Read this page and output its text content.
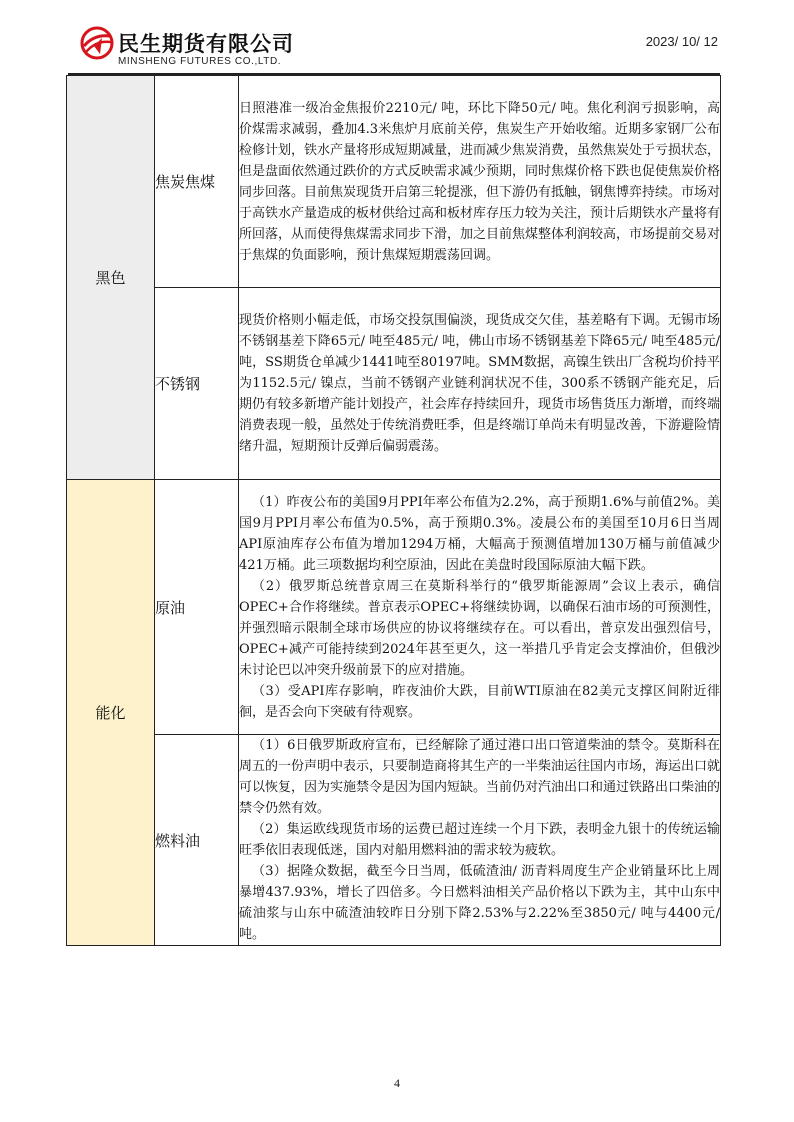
民生期货有限公司
MINSHENG FUTURES CO.,LTD.
2023/ 10/ 12
黑色	焦炭焦煤	日照港准一级冶金焦报价2210元/ 吨，环比下降50元/ 吨。焦化利润亏损影响，高价煤需求减弱，叠加4.3米焦炉月底前关停，焦炭生产开始收缩。近期多家钢厂公布检修计划，铁水产量将形成短期减量，进而减少焦炭消费，虽然焦炭处于亏损状态，但是盘面依然通过跌价的方式反映需求减少预期，同时焦煤价格下跌也促使焦炭价格同步回落。目前焦炭现货开启第三轮提涨，但下游仍有抵触，钢焦博弈持续。市场对于高铁水产量造成的板材供给过高和板材库存压力较为关注，预计后期铁水产量将有所回落，从而使得焦煤需求同步下滑，加之目前焦煤整体利润较高，市场提前交易对于焦煤的负面影响，预计焦煤短期震荡回调。

	不锈钢	现货价格则小幅走低，市场交投氛围偏淡，现货成交欠佳，基差略有下调。无锡市场不锈钢基差下降65元/ 吨至485元/ 吨，佛山市场不锈钢基差下降65元/ 吨至485元/ 吨，SS期货仓单减少1441吨至80197吨。SMM数据，高镍生铁出厂含税均价持平为1152.5元/ 镍点，当前不锈钢产业链利润状况不佳，300系不锈钢产能充足，后期仍有较多新增产能计划投产，社会库存持续回升，现货市场售货压力渐增，而终端消费表现一般，虽然处于传统消费旺季，但是终端订单尚未有明显改善，下游避险情绪升温，短期预计反弹后偏弱震荡。

能化	原油	（1）昨夜公布的美国9月PPI年率公布值为2.2%，高于预期1.6%与前值2%。美国9月PPI月率公布值为0.5%，高于预期0.3%。凌晨公布的美国至10月6日当周API原油库存公布值为增加1294万桶，大幅高于预测值增加130万桶与前值减少421万桶。此三项数据均利空原油，因此在美盘时段国际原油大幅下跌。

（2）俄罗斯总统普京周三在莫斯科举行的“俄罗斯能源周”会议上表示，确信OPEC+合作将继续。普京表示OPEC+将继续协调，以确保石油市场的可预测性，并强烈暗示限制全球市场供应的协议将继续存在。可以看出，普京发出强烈信号，OPEC+减产可能持续到2024年甚至更久，这一举措几乎肯定会支撑油价，但俄沙未讨论巴以冲突升级前景下的应对措施。

（3）受API库存影响，昨夜油价大跌，目前WTI原油在82美元支撑区间附近徘徊，是否会向下突破有待观察。

	燃料油	（1）6日俄罗斯政府宣布，已经解除了通过港口出口管道柴油的禁令。莫斯科在周五的一份声明中表示，只要制造商将其生产的一半柴油运往国内市场，海运出口就可以恢复，因为实施禁令是因为国内短缺。当前仍对汽油出口和通过铁路出口柴油的禁令仍然有效。

（2）集运欧线现货市场的运费已超过连续一个月下跌，表明金九银十的传统运输旺季依旧表现低迷，国内对船用燃料油的需求较为疲软。

（3）据隆众数据，截至今日当周，低硫渣油/ 沥青料周度生产企业销量环比上周暴增437.93%，增长了四倍多。今日燃料油相关产品价格以下跌为主，其中山东中硫油浆与山东中硫渣油较昨日分别下降2.53%与2.22%至3850元/ 吨与4400元/ 吨。

4
